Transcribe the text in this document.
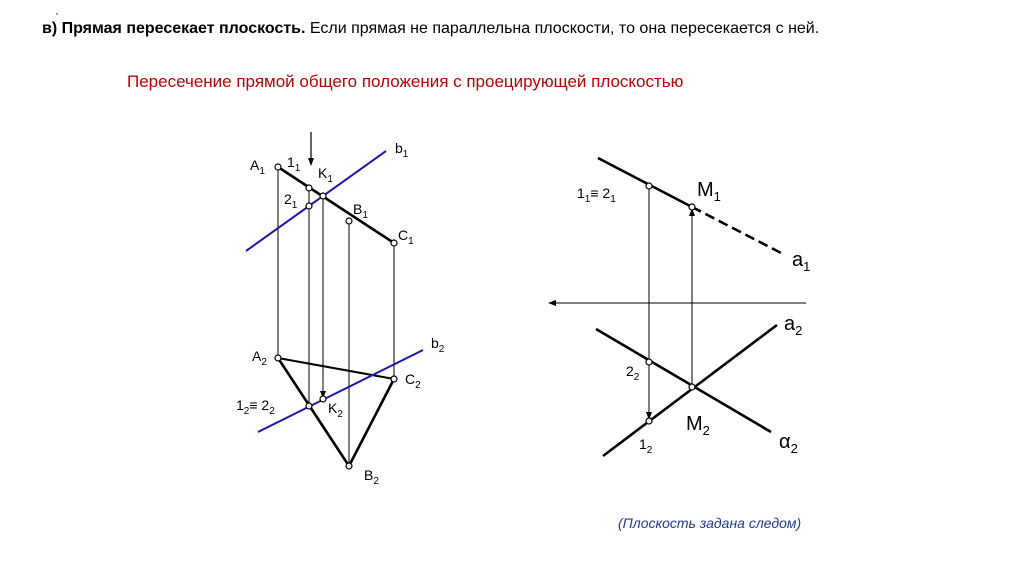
·
в) Прямая пересекает плоскость. Если прямая не параллельна плоскости, то она пересекается с ней.
Пересечение прямой общего положения с проецирующей плоскостью
(Плоскость задана следом)
$A_1$
$1_1$ $K_1$
$2_1$	$B_1$
$C_1$
$b_1$
$A_2$
$b_2$
$C_2$
$1_2\equiv 2_2$	$K_2$
$B_2$
$1_1\equiv 2_1$	$M_1$
$a_1$
$a_2$
$2_2$
$M_2$
$1_2$	$\alpha_2$
